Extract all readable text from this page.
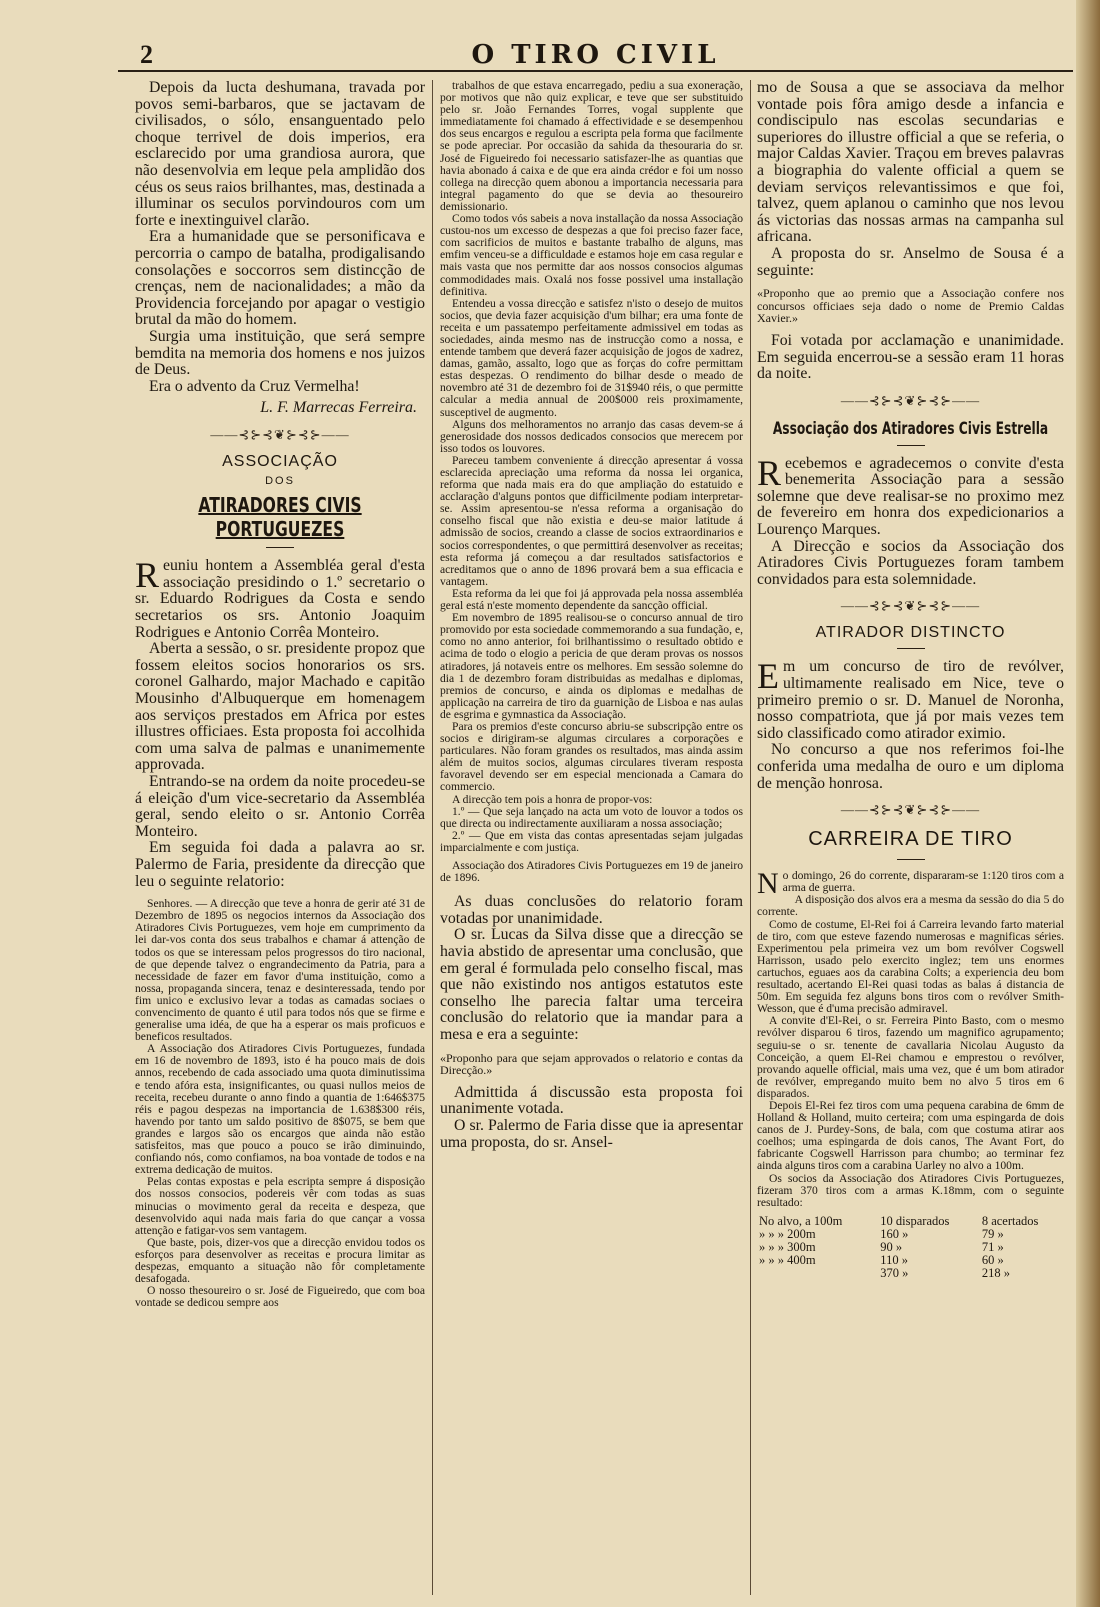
2	O TIRO CIVIL

Depois da lucta deshumana, travada por povos semi-barbaros, que se jactavam de civilisados, o sólo, ensanguentado pelo choque terrivel de dois imperios, era esclarecido por uma grandiosa aurora, que não desenvolvia em leque pela amplidão dos céus os seus raios brilhantes, mas, destinada a illuminar os seculos porvindouros com um forte e inextinguivel clarão.

Era a humanidade que se personificava e percorria o campo de batalha, prodigalisando consolações e soccorros sem distincção de crenças, nem de nacionalidades; a mão da Providencia forcejando por apagar o vestigio brutal da mão do homem.

Surgia uma instituição, que será sempre bemdita na memoria dos homens e nos juizos de Deus.

Era o advento da Cruz Vermelha!

L. F. Marrecas Ferreira.
——⊰⊱⊰❦⊱⊰⊱——
ASSOCIAÇÃO
DOS
ATIRADORES CIVIS PORTUGUEZES

Reuniu hontem a Assembléa geral d'esta associação presidindo o 1.º secretario o sr. Eduardo Rodrigues da Costa e sendo secretarios os srs. Antonio Joaquim Rodrigues e Antonio Corrêa Monteiro.

Aberta a sessão, o sr. presidente propoz que fossem eleitos socios honorarios os srs. coronel Galhardo, major Machado e capitão Mousinho d'Albuquerque em homenagem aos serviços prestados em Africa por estes illustres officiaes. Esta proposta foi accolhida com uma salva de palmas e unanimemente approvada.

Entrando-se na ordem da noite procedeu-se á eleição d'um vice-secretario da Assembléa geral, sendo eleito o sr. Antonio Corrêa Monteiro.

Em seguida foi dada a palavra ao sr. Palermo de Faria, presidente da direcção que leu o seguinte relatorio:

Senhores. — A direcção que teve a honra de gerir até 31 de Dezembro de 1895 os negocios internos da Associação dos Atiradores Civis Portuguezes, vem hoje em cumprimento da lei dar-vos conta dos seus trabalhos e chamar á attenção de todos os que se interessam pelos progressos do tiro nacional, de que depende talvez o engrandecimento da Patria, para a necessidade de fazer em favor d'uma instituição, como a nossa, propaganda sincera, tenaz e desinteressada, tendo por fim unico e exclusivo levar a todas as camadas sociaes o convencimento de quanto é util para todos nós que se firme e generalise uma idéa, de que ha a esperar os mais proficuos e beneficos resultados.

A Associação dos Atiradores Civis Portuguezes, fundada em 16 de novembro de 1893, isto é ha pouco mais de dois annos, recebendo de cada associado uma quota diminutissima e tendo afóra esta, insignificantes, ou quasi nullos meios de receita, recebeu durante o anno findo a quantia de 1:646$375 réis e pagou despezas na importancia de 1.638$300 réis, havendo por tanto um saldo positivo de 8$075, se bem que grandes e largos são os encargos que ainda não estão satisfeitos, mas que pouco a pouco se irão diminuindo, confiando nós, como confiamos, na boa vontade de todos e na extrema dedicação de muitos.

Pelas contas expostas e pela escripta sempre á disposição dos nossos consocios, podereis vêr com todas as suas minucias o movimento geral da receita e despeza, que desenvolvido aqui nada mais faria do que cançar a vossa attenção e fatigar-vos sem vantagem.

Que baste, pois, dizer-vos que a direcção envidou todos os esforços para desenvolver as receitas e procura limitar as despezas, emquanto a situação não fôr completamente desafogada.

O nosso thesoureiro o sr. José de Figueiredo, que com boa vontade se dedicou sempre aos

trabalhos de que estava encarregado, pediu a sua exoneração, por motivos que não quiz explicar, e teve que ser substituido pelo sr. João Fernandes Torres, vogal supplente que immediatamente foi chamado á effectividade e se desempenhou dos seus encargos e regulou a escripta pela forma que facilmente se pode apreciar. Por occasião da sahida da thesouraria do sr. José de Figueiredo foi necessario satisfazer-lhe as quantias que havia abonado á caixa e de que era ainda crédor e foi um nosso collega na direcção quem abonou a importancia necessaria para integral pagamento do que se devia ao thesoureiro demissionario.

Como todos vós sabeis a nova installação da nossa Associação custou-nos um excesso de despezas a que foi preciso fazer face, com sacrificios de muitos e bastante trabalho de alguns, mas emfim venceu-se a difficuldade e estamos hoje em casa regular e mais vasta que nos permitte dar aos nossos consocios algumas commodidades mais. Oxalá nos fosse possivel uma installação definitiva.

Entendeu a vossa direcção e satisfez n'isto o desejo de muitos socios, que devia fazer acquisição d'um bilhar; era uma fonte de receita e um passatempo perfeitamente admissivel em todas as sociedades, ainda mesmo nas de instrucção como a nossa, e entende tambem que deverá fazer acquisição de jogos de xadrez, damas, gamão, assalto, logo que as forças do cofre permittam estas despezas. O rendimento do bilhar desde o meado de novembro até 31 de dezembro foi de 31$940 réis, o que permitte calcular a media annual de 200$000 reis proximamente, susceptivel de augmento.

Alguns dos melhoramentos no arranjo das casas devem-se á generosidade dos nossos dedicados consocios que merecem por isso todos os louvores.

Pareceu tambem conveniente á direcção apresentar á vossa esclarecida apreciação uma reforma da nossa lei organica, reforma que nada mais era do que ampliação do estatuido e acclaração d'alguns pontos que difficilmente podiam interpretar-se. Assim apresentou-se n'essa reforma a organisação do conselho fiscal que não existia e deu-se maior latitude á admissão de socios, creando a classe de socios extraordinarios e socios correspondentes, o que permittirá desenvolver as receitas; esta reforma já começou a dar resultados satisfactorios e acreditamos que o anno de 1896 provará bem a sua efficacia e vantagem.

Esta reforma da lei que foi já approvada pela nossa assembléa geral está n'este momento dependente da sancção official.

Em novembro de 1895 realisou-se o concurso annual de tiro promovido por esta sociedade commemorando a sua fundação, e, como no anno anterior, foi brilhantissimo o resultado obtido e acima de todo o elogio a pericia de que deram provas os nossos atiradores, já notaveis entre os melhores. Em sessão solemne do dia 1 de dezembro foram distribuidas as medalhas e diplomas, premios de concurso, e ainda os diplomas e medalhas de applicação na carreira de tiro da guarnição de Lisboa e nas aulas de esgrima e gymnastica da Associação.

Para os premios d'este concurso abriu-se subscripção entre os socios e dirigiram-se algumas circulares a corporações e particulares. Não foram grandes os resultados, mas ainda assim além de muitos socios, algumas circulares tiveram resposta favoravel devendo ser em especial mencionada a Camara do commercio.

A direcção tem pois a honra de propor-vos:

1.º — Que seja lançado na acta um voto de louvor a todos os que directa ou indirectamente auxiliaram a nossa associação;

2.º — Que em vista das contas apresentadas sejam julgadas imparcialmente e com justiça.

Associação dos Atiradores Civis Portuguezes em 19 de janeiro de 1896.

As duas conclusões do relatorio foram votadas por unanimidade.

O sr. Lucas da Silva disse que a direcção se havia abstido de apresentar uma conclusão, que em geral é formulada pelo conselho fiscal, mas que não existindo nos antigos estatutos este conselho lhe parecia faltar uma terceira conclusão do relatorio que ia mandar para a mesa e era a seguinte:

«Proponho para que sejam approvados o relatorio e contas da Direcção.»

Admittida á discussão esta proposta foi unanimente votada.

O sr. Palermo de Faria disse que ia apresentar uma proposta, do sr. Ansel-

mo de Sousa a que se associava da melhor vontade pois fôra amigo desde a infancia e condiscipulo nas escolas secundarias e superiores do illustre official a que se referia, o major Caldas Xavier. Traçou em breves palavras a biographia do valente official a quem se deviam serviços relevantissimos e que foi, talvez, quem aplanou o caminho que nos levou ás victorias das nossas armas na campanha sul africana.

A proposta do sr. Anselmo de Sousa é a seguinte:

«Proponho que ao premio que a Associação confere nos concursos officiaes seja dado o nome de Premio Caldas Xavier.»

Foi votada por acclamação e unanimidade. Em seguida encerrou-se a sessão eram 11 horas da noite.

——⊰⊱⊰❦⊱⊰⊱——
Associação dos Atiradores Civis Estrella

Recebemos e agradecemos o convite d'esta benemerita Associação para a sessão solemne que deve realisar-se no proximo mez de fevereiro em honra dos expedicionarios a Lourenço Marques.

A Direcção e socios da Associação dos Atiradores Civis Portuguezes foram tambem convidados para esta solemnidade.

——⊰⊱⊰❦⊱⊰⊱——
ATIRADOR DISTINCTO

Em um concurso de tiro de revólver, ultimamente realisado em Nice, teve o primeiro premio o sr. D. Manuel de Noronha, nosso compatriota, que já por mais vezes tem sido classificado como atirador eximio.

No concurso a que nos referimos foi-lhe conferida uma medalha de ouro e um diploma de menção honrosa.

——⊰⊱⊰❦⊱⊰⊱——
CARREIRA DE TIRO

No domingo, 26 do corrente, dispararam-se 1:120 tiros com a arma de guerra.

A disposição dos alvos era a mesma da sessão do dia 5 do corrente.

Como de costume, El-Rei foi á Carreira levando farto material de tiro, com que esteve fazendo numerosas e magnificas séries. Experimentou pela primeira vez um bom revólver Cogswell Harrisson, usado pelo exercito inglez; tem uns enormes cartuchos, eguaes aos da carabina Colts; a experiencia deu bom resultado, acertando El-Rei quasi todas as balas á distancia de 50m. Em seguida fez alguns bons tiros com o revólver Smith-Wesson, que é d'uma precisão admiravel.

A convite d'El-Rei, o sr. Ferreira Pinto Basto, com o mesmo revólver disparou 6 tiros, fazendo um magnifico agrupamento; seguiu-se o sr. tenente de cavallaria Nicolau Augusto da Conceição, a quem El-Rei chamou e emprestou o revólver, provando aquelle official, mais uma vez, que é um bom atirador de revólver, empregando muito bem no alvo 5 tiros em 6 disparados.

Depois El-Rei fez tiros com uma pequena carabina de 6mm de Holland & Holland, muito certeira; com uma espingarda de dois canos de J. Purdey-Sons, de bala, com que costuma atirar aos coelhos; uma espingarda de dois canos, The Avant Fort, do fabricante Cogswell Harrisson para chumbo; ao terminar fez ainda alguns tiros com a carabina Uarley no alvo a 100m.

Os socios da Associação dos Atiradores Civis Portuguezes, fizeram 370 tiros com a armas K.18mm, com o seguinte resultado:

No alvo, a 100m	10 disparados	8 acertados
» » » 200m	160 »	79 »
» » » 300m	90 »	71 »
» » » 400m	110 »	60 »
	370 »	218 »
